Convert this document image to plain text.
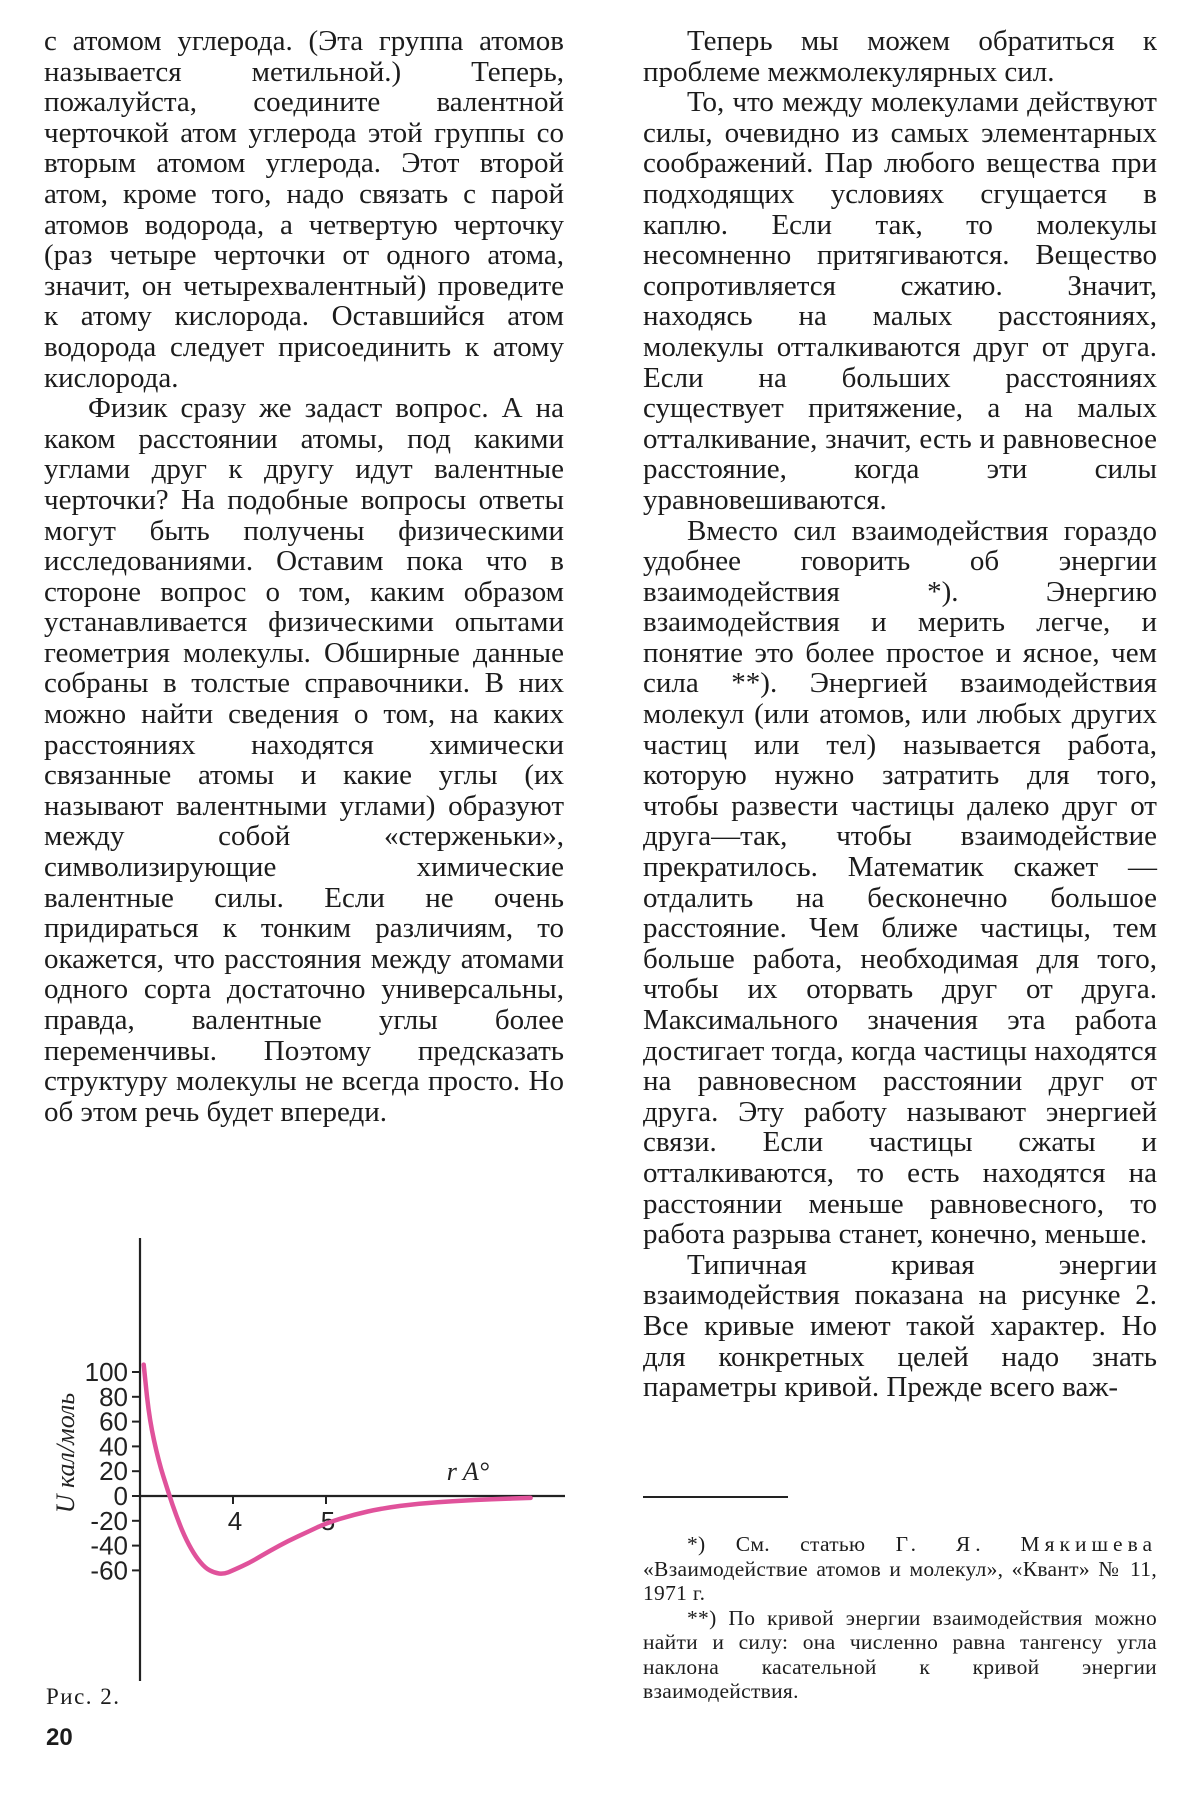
с атомом углерода. (Эта группа атомов называется метильной.) Теперь, пожалуйста, соедините валентной черточкой атом углерода этой группы со вторым атомом углерода. Этот второй атом, кроме того, надо связать с парой атомов водорода, а четвертую черточку (раз четыре черточки от одного атома, значит, он четырехвалентный) проведите к атому кислорода. Оставшийся атом водорода следует присоединить к атому кислорода.

Физик сразу же задаст вопрос. А на каком расстоянии атомы, под какими углами друг к другу идут валентные черточки? На подобные вопросы ответы могут быть получены физическими исследованиями. Оставим пока что в стороне вопрос о том, каким образом устанавливается физическими опытами геометрия молекулы. Обширные данные собраны в толстые справочники. В них можно найти сведения о том, на каких расстояниях находятся химически связанные атомы и какие углы (их называют валентными углами) образуют между собой «стерженьки», символизирующие химические валентные силы. Если не очень придираться к тонким различиям, то окажется, что расстояния между атомами одного сорта достаточно универсальны, правда, валентные углы более переменчивы. Поэтому предсказать структуру молекулы не всегда просто. Но об этом речь будет впереди.

Теперь мы можем обратиться к проблеме межмолекулярных сил.

То, что между молекулами действуют силы, очевидно из самых элементарных соображений. Пар любого вещества при подходящих условиях сгущается в каплю. Если так, то молекулы несомненно притягиваются. Вещество сопротивляется сжатию. Значит, находясь на малых расстояниях, молекулы отталкиваются друг от друга. Если на больших расстояниях существует притяжение, а на малых отталкивание, значит, есть и равновесное расстояние, когда эти силы уравновешиваются.

Вместо сил взаимодействия гораздо удобнее говорить об энергии взаимодействия *). Энергию взаимодействия и мерить легче, и понятие это более простое и ясное, чем сила **). Энергией взаимодействия молекул (или атомов, или любых других частиц или тел) называется работа, которую нужно затратить для того, чтобы развести частицы далеко друг от друга—так, чтобы взаимодействие прекратилось. Математик скажет — отдалить на бесконечно большое расстояние. Чем ближе частицы, тем больше работа, необходимая для того, чтобы их оторвать друг от друга. Максимального значения эта работа достигает тогда, когда частицы находятся на равновесном расстоянии друг от друга. Эту работу называют энергией связи. Если частицы сжаты и отталкиваются, то есть находятся на расстоянии меньше равновесного, то работа разрыва станет, конечно, меньше.

Типичная кривая энергии взаимодействия показана на рисунке 2. Все кривые имеют такой характер. Но для конкретных целей надо знать параметры кривой. Прежде всего важ-

*) См. статью Г. Я. Мякишева «Взаимодействие атомов и молекул», «Квант» № 11, 1971 г.

**) По кривой энергии взаимодействия можно найти и силу: она численно равна тангенсу угла наклона касательной к кривой энергии взаимодействия.

100
80
60
40
20
0
-20
-40
-60
4	5
r A°
U кал/моль
Рис. 2.
20
